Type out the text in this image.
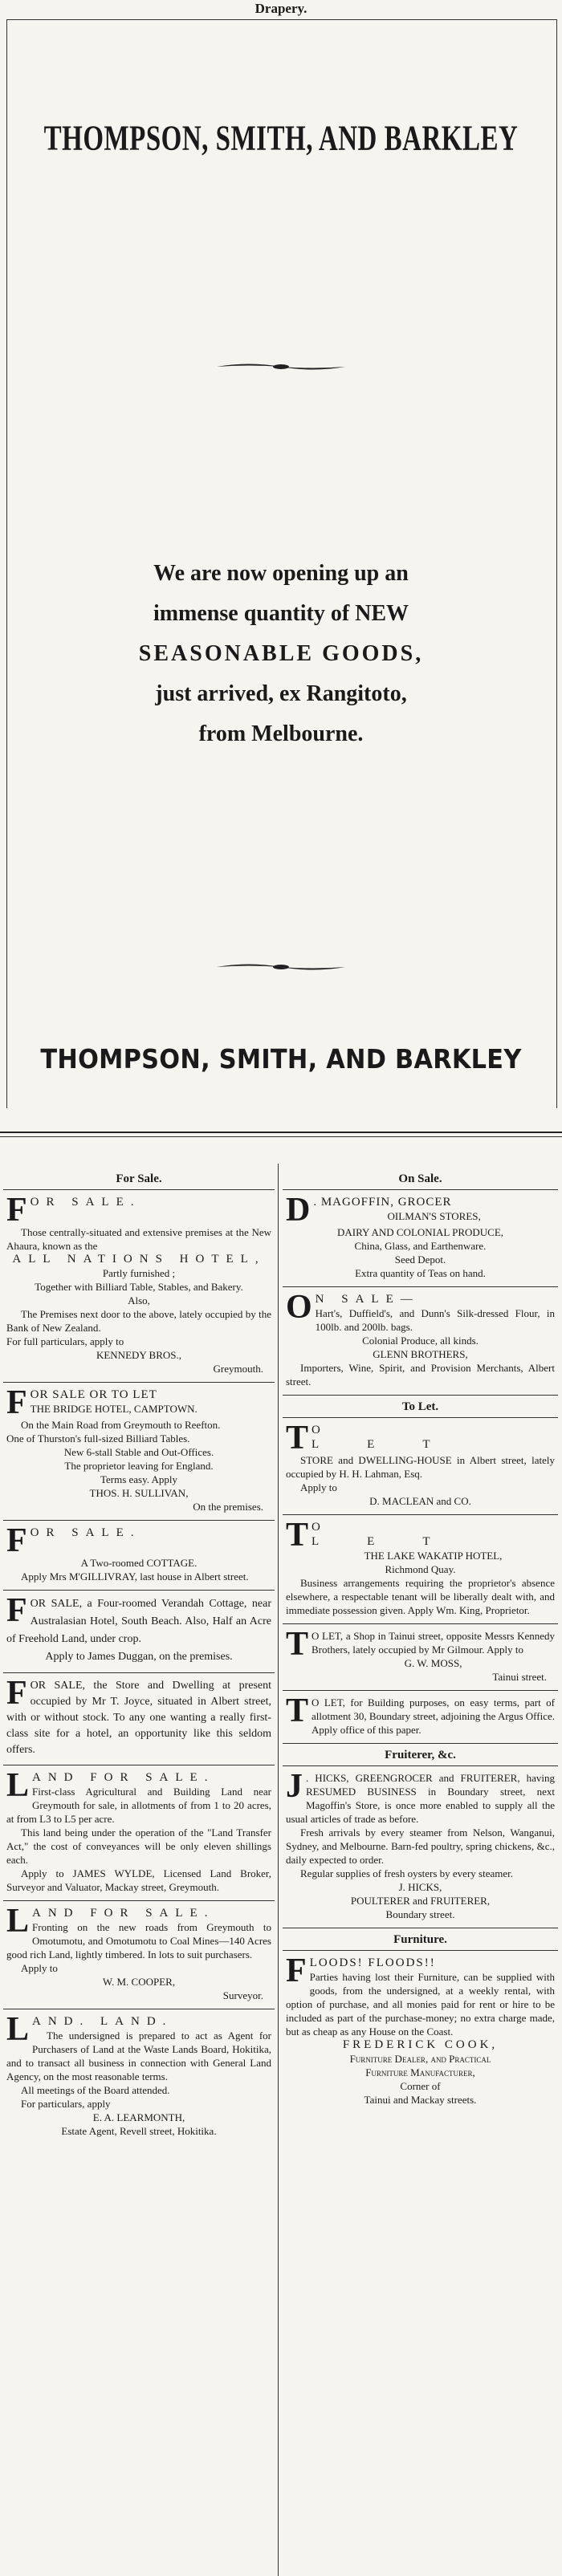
Drapery.
THOMPSON, SMITH, AND BARKLEY
We are now opening up an
immense quantity of NEW
SEASONABLE GOODS,
just arrived, ex Rangitoto,
from Melbourne.
THOMPSON, SMITH, AND BARKLEY
For Sale.

FOR SALE.

Those centrally-situated and extensive premises at the New Ahaura, known as the

ALL NATIONS HOTEL,

Partly furnished ;

Together with Billiard Table, Stables, and Bakery.

Also,

The Premises next door to the above, lately occupied by the Bank of New Zealand.

For full particulars, apply to

KENNEDY BROS.,

Greymouth.

FOR SALE OR TO LET

THE BRIDGE HOTEL, CAMPTOWN.

On the Main Road from Greymouth to Reefton.

One of Thurston's full-sized Billiard Tables.

New 6-stall Stable and Out-Offices.

The proprietor leaving for England.

Terms easy. Apply

THOS. H. SULLIVAN,

On the premises.

FOR SALE.

A Two-roomed COTTAGE.

Apply Mrs M'GILLIVRAY, last house in Albert street.

FOR SALE, a Four-roomed Verandah Cottage, near Australasian Hotel, South Beach. Also, Half an Acre of Freehold Land, under crop.

Apply to James Duggan, on the premises.

FOR SALE, the Store and Dwelling at present occupied by Mr T. Joyce, situated in Albert street, with or without stock. To any one wanting a really first-class site for a hotel, an opportunity like this seldom offers.

LAND FOR SALE.

First-class Agricultural and Building Land near Greymouth for sale, in allotments of from 1 to 20 acres, at from L3 to L5 per acre.

This land being under the operation of the "Land Transfer Act," the cost of conveyances will be only eleven shillings each.

Apply to JAMES WYLDE, Licensed Land Broker, Surveyor and Valuator, Mackay street, Greymouth.

LAND FOR SALE.

Fronting on the new roads from Greymouth to Omotumotu, and Omotumotu to Coal Mines—140 Acres good rich Land, lightly timbered. In lots to suit purchasers.

Apply to

W. M. COOPER,

Surveyor.

LAND. LAND.

The undersigned is prepared to act as Agent for Purchasers of Land at the Waste Lands Board, Hokitika, and to transact all business in connection with General Land Agency, on the most reasonable terms.

All meetings of the Board attended.

For particulars, apply

E. A. LEARMONTH,

Estate Agent, Revell street, Hokitika.

On Sale.

D . MAGOFFIN, GROCER

OILMAN'S STORES,

DAIRY AND COLONIAL PRODUCE,

China, Glass, and Earthenware.

Seed Depot.

Extra quantity of Teas on hand.

O N SALE—

Hart's, Duffield's, and Dunn's Silk-dressed Flour, in 100lb. and 200lb. bags.

Colonial Produce, all kinds.

GLENN BROTHERS,

Importers, Wine, Spirit, and Provision Merchants, Albert street.

To Let.

T O LET

STORE and DWELLING-HOUSE in Albert street, lately occupied by H. H. Lahman, Esq.

Apply to

D. MACLEAN and CO.

T O LET

THE LAKE WAKATIP HOTEL,

Richmond Quay.

Business arrangements requiring the proprietor's absence elsewhere, a respectable tenant will be liberally dealt with, and immediate possession given. Apply Wm. King, Proprietor.

T O LET, a Shop in Tainui street, opposite Messrs Kennedy Brothers, lately occupied by Mr Gilmour. Apply to

G. W. MOSS,

Tainui street.

T O LET, for Building purposes, on easy terms, part of allotment 30, Boundary street, adjoining the Argus Office. Apply office of this paper.

Fruiterer, &c.

J . HICKS, GREENGROCER and FRUITERER, having RESUMED BUSINESS in Boundary street, next Magoffin's Store, is once more enabled to supply all the usual articles of trade as before.

Fresh arrivals by every steamer from Nelson, Wanganui, Sydney, and Melbourne. Barn-fed poultry, spring chickens, &c., daily expected to order.

Regular supplies of fresh oysters by every steamer.

J. HICKS,

POULTERER and FRUITERER,

Boundary street.

Furniture.

FLOODS! FLOODS!!

Parties having lost their Furniture, can be supplied with goods, from the undersigned, at a weekly rental, with option of purchase, and all monies paid for rent or hire to be included as part of the purchase-money; no extra charge made, but as cheap as any House on the Coast.

FREDERICK COOK,

Furniture Dealer, and Practical

Furniture Manufacturer,

Corner of

Tainui and Mackay streets.
